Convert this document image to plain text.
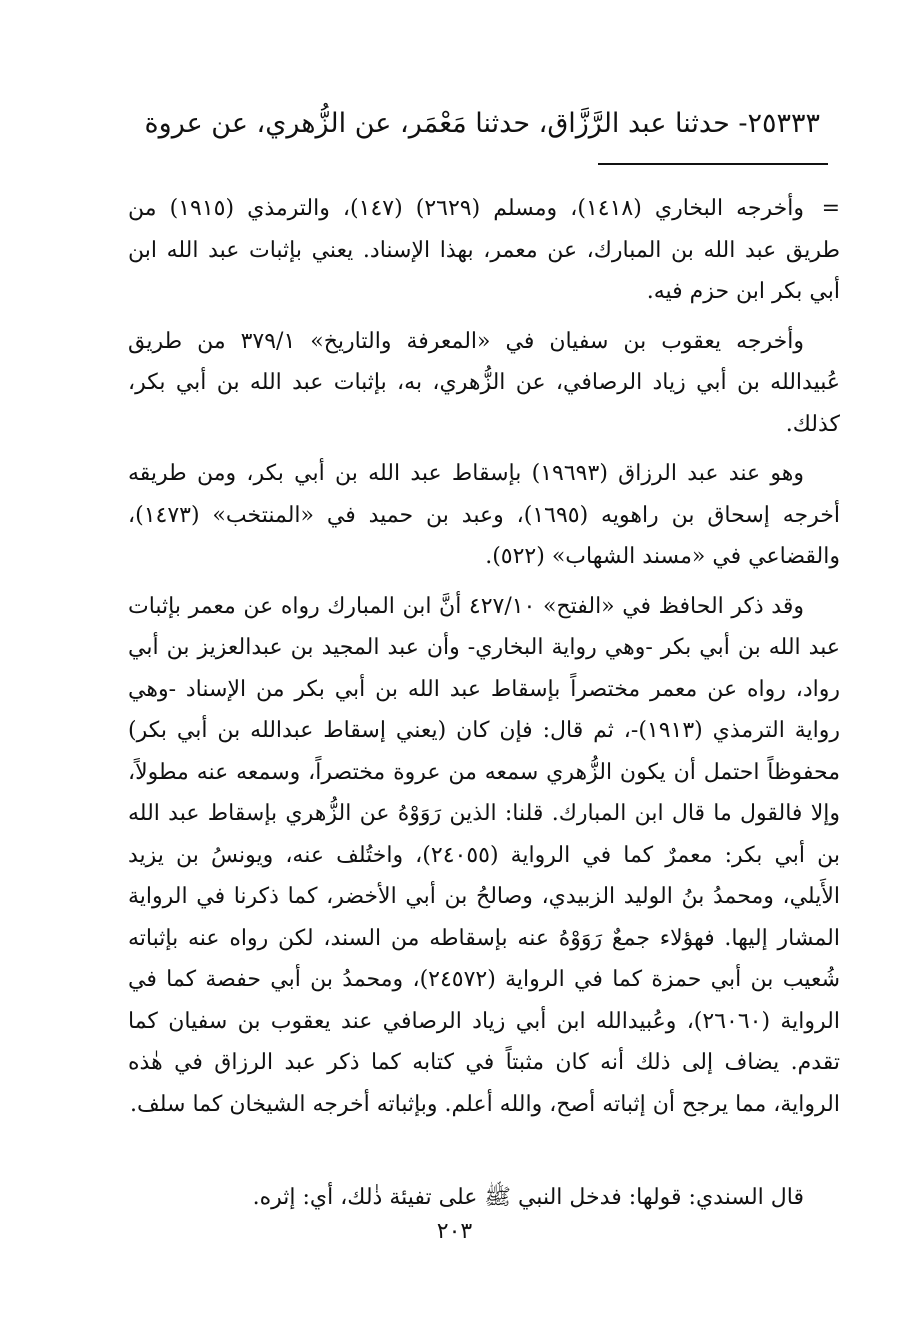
٢٥٣٣٣- حدثنا عبد الرَّزَّاق، حدثنا مَعْمَر، عن الزُّهري، عن عروة

=
وأخرجه البخاري (١٤١٨)، ومسلم (٢٦٢٩) (١٤٧)، والترمذي (١٩١٥) من طريق عبد الله بن المبارك، عن معمر، بهذا الإسناد. يعني بإثبات عبد الله ابن أبي بكر ابن حزم فيه.

وأخرجه يعقوب بن سفيان في «المعرفة والتاريخ» ٣٧٩/١ من طريق عُبيدالله بن أبي زياد الرصافي، عن الزُّهري، به، بإثبات عبد الله بن أبي بكر، كذلك.

وهو عند عبد الرزاق (١٩٦٩٣) بإسقاط عبد الله بن أبي بكر، ومن طريقه أخرجه إسحاق بن راهويه (١٦٩٥)، وعبد بن حميد في «المنتخب» (١٤٧٣)، والقضاعي في «مسند الشهاب» (٥٢٢).

وقد ذكر الحافظ في «الفتح» ٤٢٧/١٠ أنَّ ابن المبارك رواه عن معمر بإثبات عبد الله بن أبي بكر -وهي رواية البخاري- وأن عبد المجيد بن عبدالعزيز بن أبي رواد، رواه عن معمر مختصراً بإسقاط عبد الله بن أبي بكر من الإسناد -وهي رواية الترمذي (١٩١٣)-، ثم قال: فإن كان (يعني إسقاط عبدالله بن أبي بكر) محفوظاً احتمل أن يكون الزُّهري سمعه من عروة مختصراً، وسمعه عنه مطولاً، وإلا فالقول ما قال ابن المبارك. قلنا: الذين رَوَوْهُ عن الزُّهري بإسقاط عبد الله بن أبي بكر: معمرٌ كما في الرواية (٢٤٠٥٥)، واختُلف عنه، ويونسُ بن يزيد الأَيلي، ومحمدُ بنُ الوليد الزبيدي، وصالحُ بن أبي الأخضر، كما ذكرنا في الرواية المشار إليها. فهؤلاء جمعٌ رَوَوْهُ عنه بإسقاطه من السند، لكن رواه عنه بإثباته شُعيب بن أبي حمزة كما في الرواية (٢٤٥٧٢)، ومحمدُ بن أبي حفصة كما في الرواية (٢٦٠٦٠)، وعُبيدالله ابن أبي زياد الرصافي عند يعقوب بن سفيان كما تقدم. يضاف إلى ذلك أنه كان مثبتاً في كتابه كما ذكر عبد الرزاق في هٰذه الرواية، مما يرجح أن إثباته أصح، والله أعلم. وبإثباته أخرجه الشيخان كما سلف.

قال السندي: قولها: فدخل النبي ﷺ على تفيئة ذٰلك، أي: إثره.
٢٠٣
